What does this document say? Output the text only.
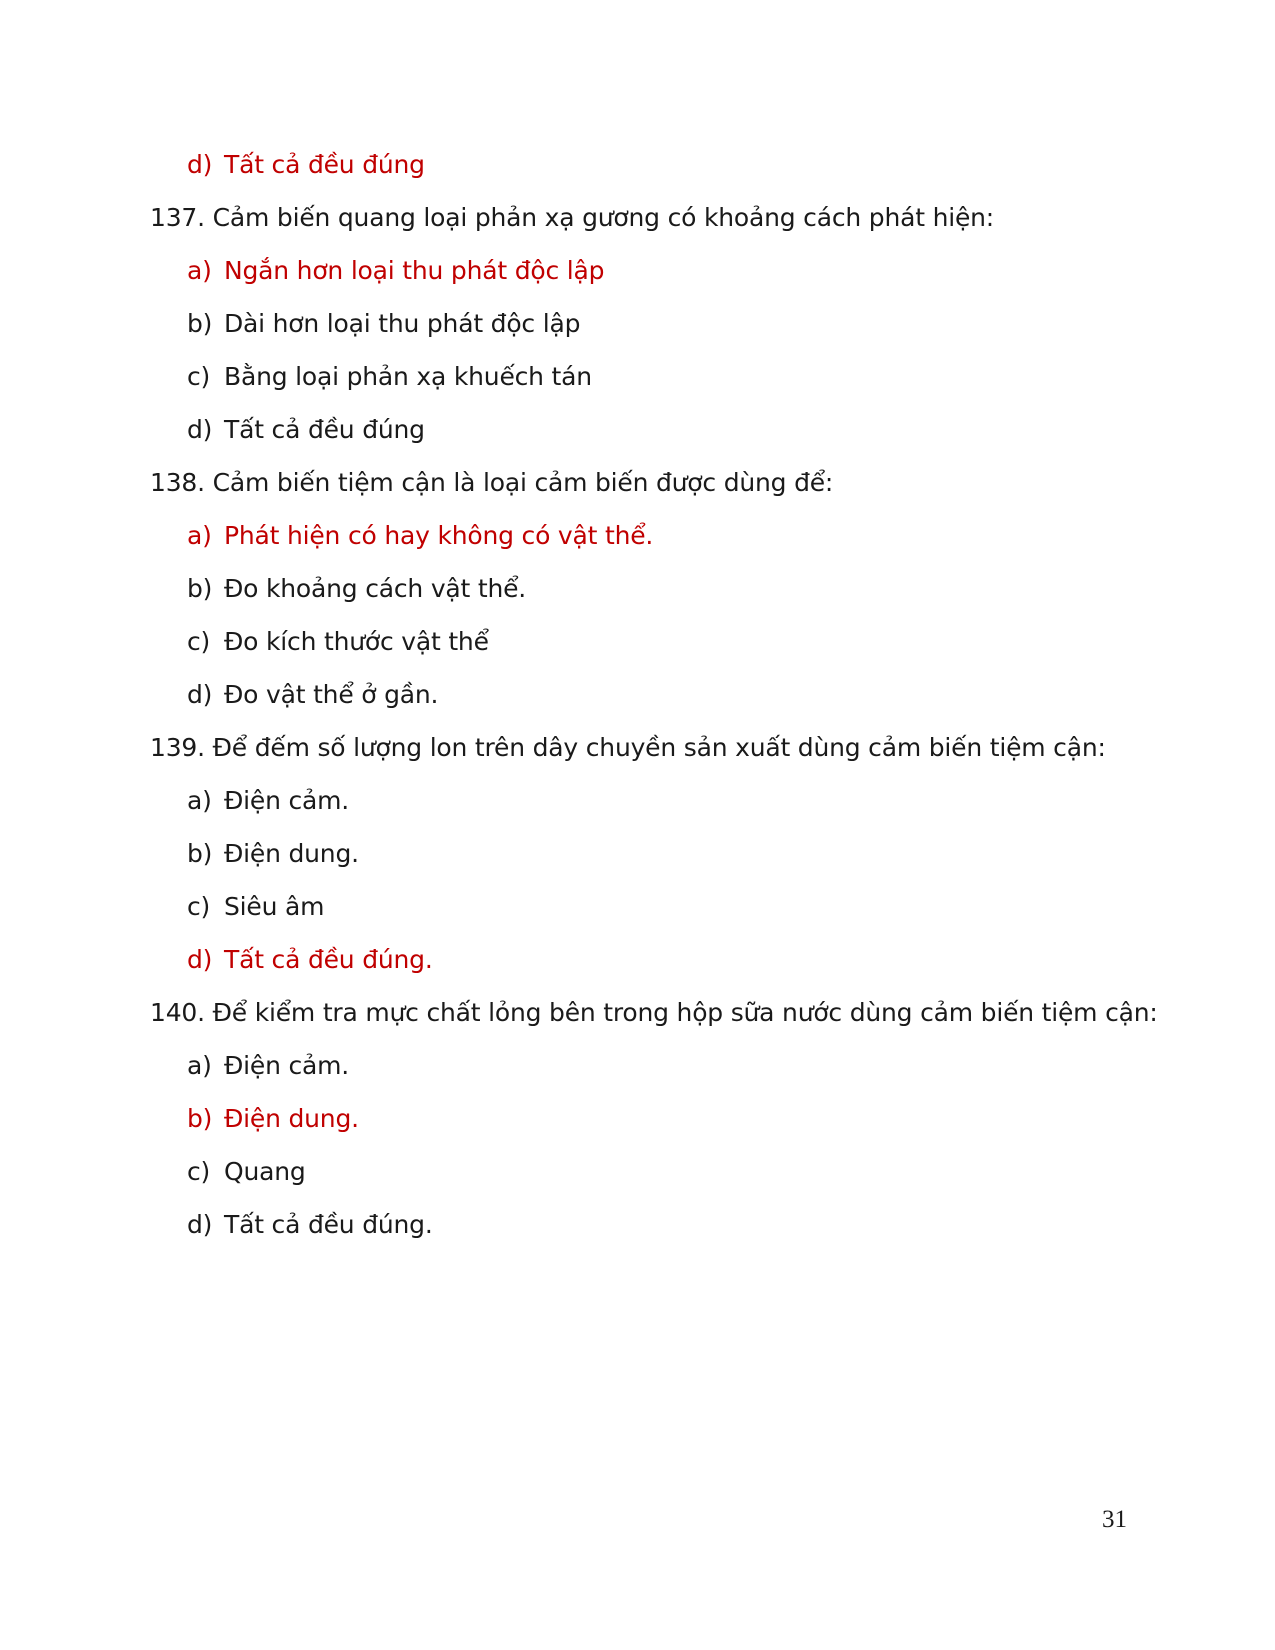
d) Tất cả đều đúng
137. Cảm biến quang loại phản xạ gương có khoảng cách phát hiện:
a) Ngắn hơn loại thu phát độc lập
b) Dài hơn loại thu phát độc lập
c) Bằng loại phản xạ khuếch tán
d) Tất cả đều đúng
138. Cảm biến tiệm cận là loại cảm biến được dùng để:
a) Phát hiện có hay không có vật thể.
b) Đo khoảng cách vật thể.
c) Đo kích thước vật thể
d) Đo vật thể ở gần.
139. Để đếm số lượng lon trên dây chuyền sản xuất dùng cảm biến tiệm cận:
a) Điện cảm.
b) Điện dung.
c) Siêu âm
d) Tất cả đều đúng.
140. Để kiểm tra mực chất lỏng bên trong hộp sữa nước dùng cảm biến tiệm cận:
a) Điện cảm.
b) Điện dung.
c) Quang
d) Tất cả đều đúng.
31
